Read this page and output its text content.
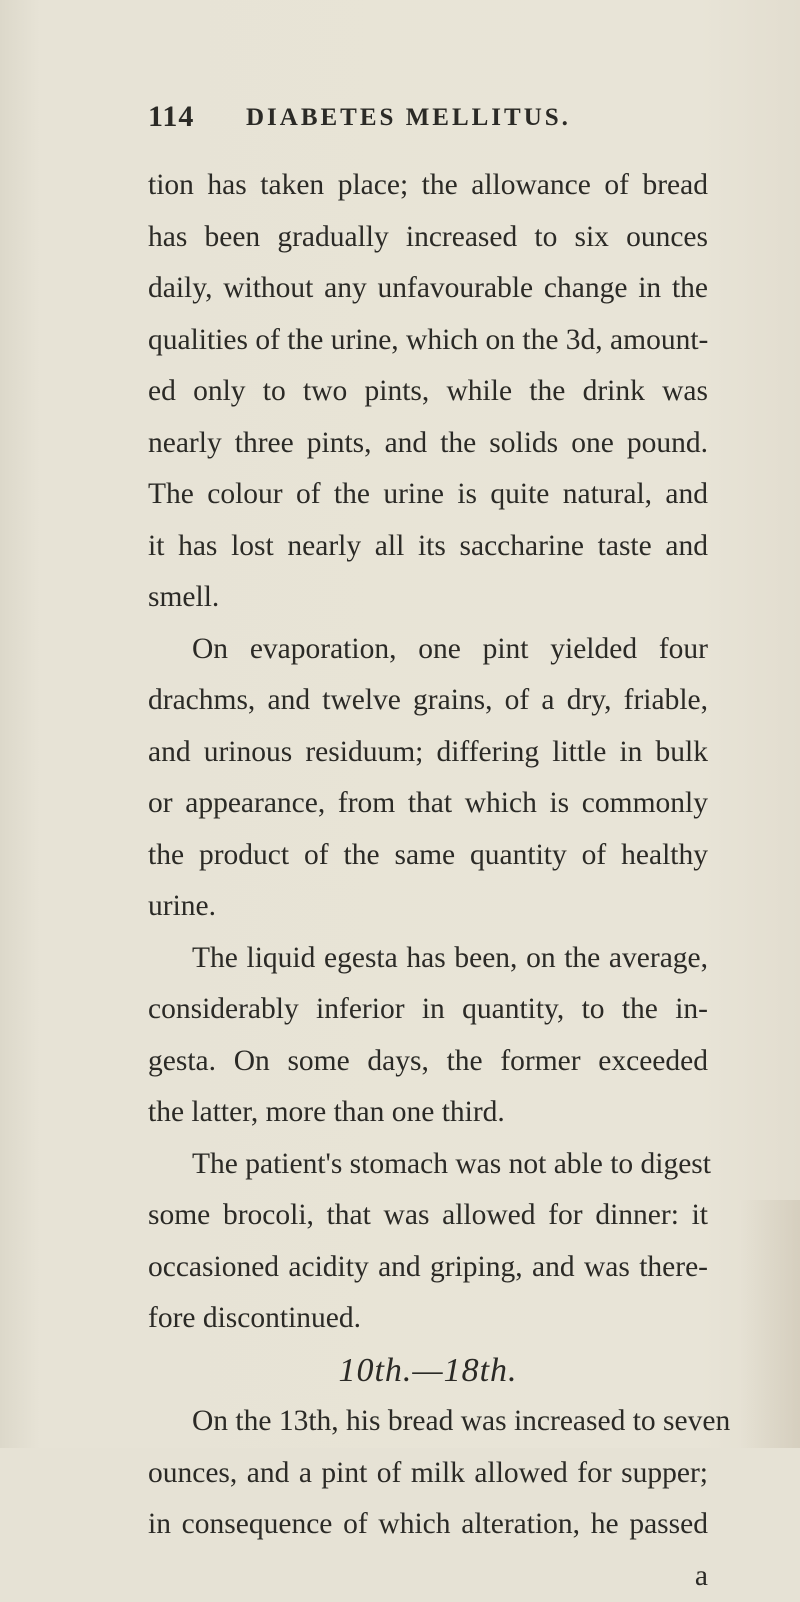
114 DIABETES MELLITUS.
tion has taken place; the allowance of bread
has been gradually increased to six ounces
daily, without any unfavourable change in the
qualities of the urine, which on the 3d, amount-
ed only to two pints, while the drink was
nearly three pints, and the solids one pound.
The colour of the urine is quite natural, and
it has lost nearly all its saccharine taste and
smell.
On evaporation, one pint yielded four
drachms, and twelve grains, of a dry, friable,
and urinous residuum; differing little in bulk
or appearance, from that which is commonly
the product of the same quantity of healthy
urine.
The liquid egesta has been, on the average,
considerably inferior in quantity, to the in-
gesta. On some days, the former exceeded
the latter, more than one third.
The patient's stomach was not able to digest
some brocoli, that was allowed for dinner: it
occasioned acidity and griping, and was there-
fore discontinued.
10th.—18th.
On the 13th, his bread was increased to seven
ounces, and a pint of milk allowed for supper;
in consequence of which alteration, he passed
a
